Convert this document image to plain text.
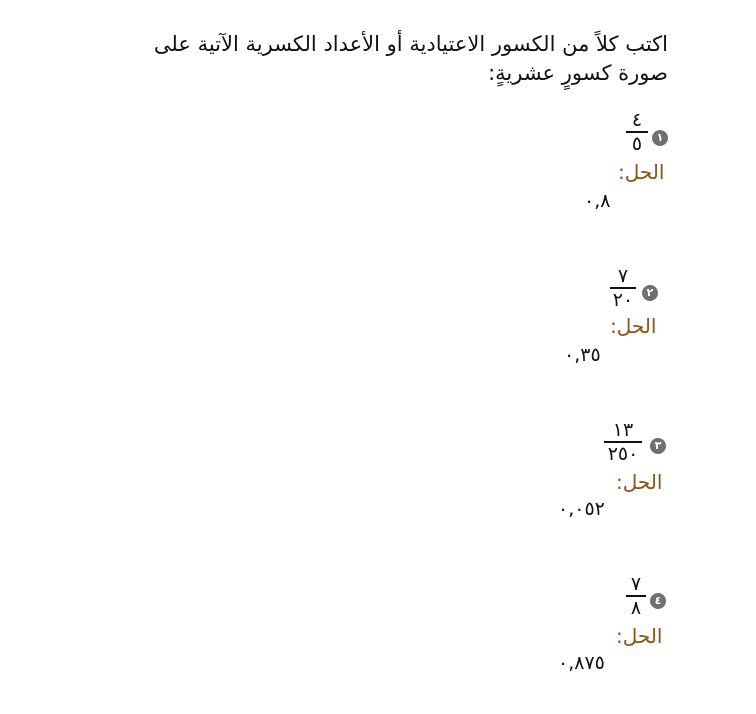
اكتب كلاً من الكسور الاعتيادية أو الأعداد الكسرية الآتية على صورة كسورٍ عشريةٍ:
١
٤
٥
الحل:
٠,٨
٢
٧
٢٠
الحل:
٠,٣٥
٣
١٣
٢٥٠
الحل:
٠,٠٥٢
٤
٧
٨
الحل:
٠,٨٧٥
